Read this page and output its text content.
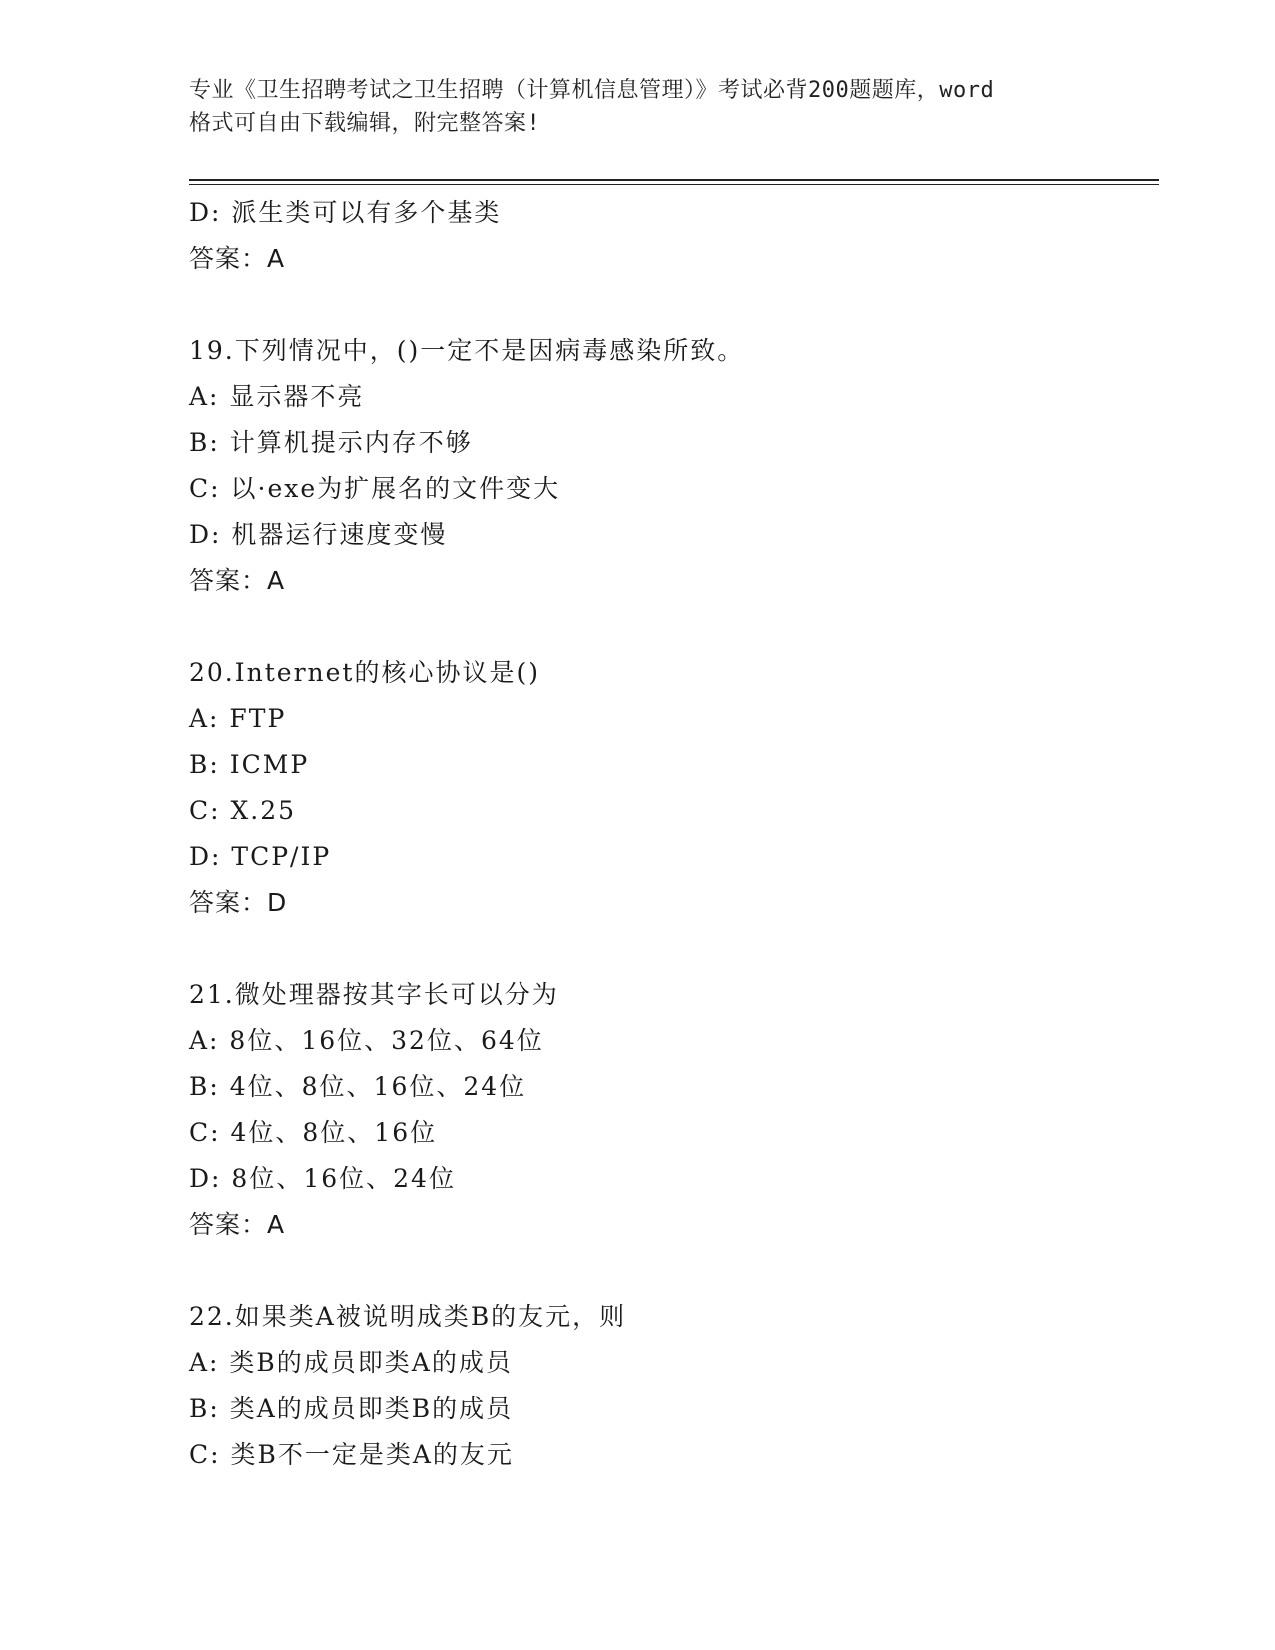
专业《卫生招聘考试之卫生招聘（计算机信息管理）》考试必背200题题库，word
格式可自由下载编辑，附完整答案!
D: 派生类可以有多个基类
答案：A
19.下列情况中，()一定不是因病毒感染所致。
A: 显示器不亮
B: 计算机提示内存不够
C: 以·exe为扩展名的文件变大
D: 机器运行速度变慢
答案：A
20.Internet的核心协议是()
A: FTP
B: ICMP
C: X.25
D: TCP/IP
答案：D
21.微处理器按其字长可以分为
A: 8位、16位、32位、64位
B: 4位、8位、16位、24位
C: 4位、8位、16位
D: 8位、16位、24位
答案：A
22.如果类A被说明成类B的友元，则
A: 类B的成员即类A的成员
B: 类A的成员即类B的成员
C: 类B不一定是类A的友元
